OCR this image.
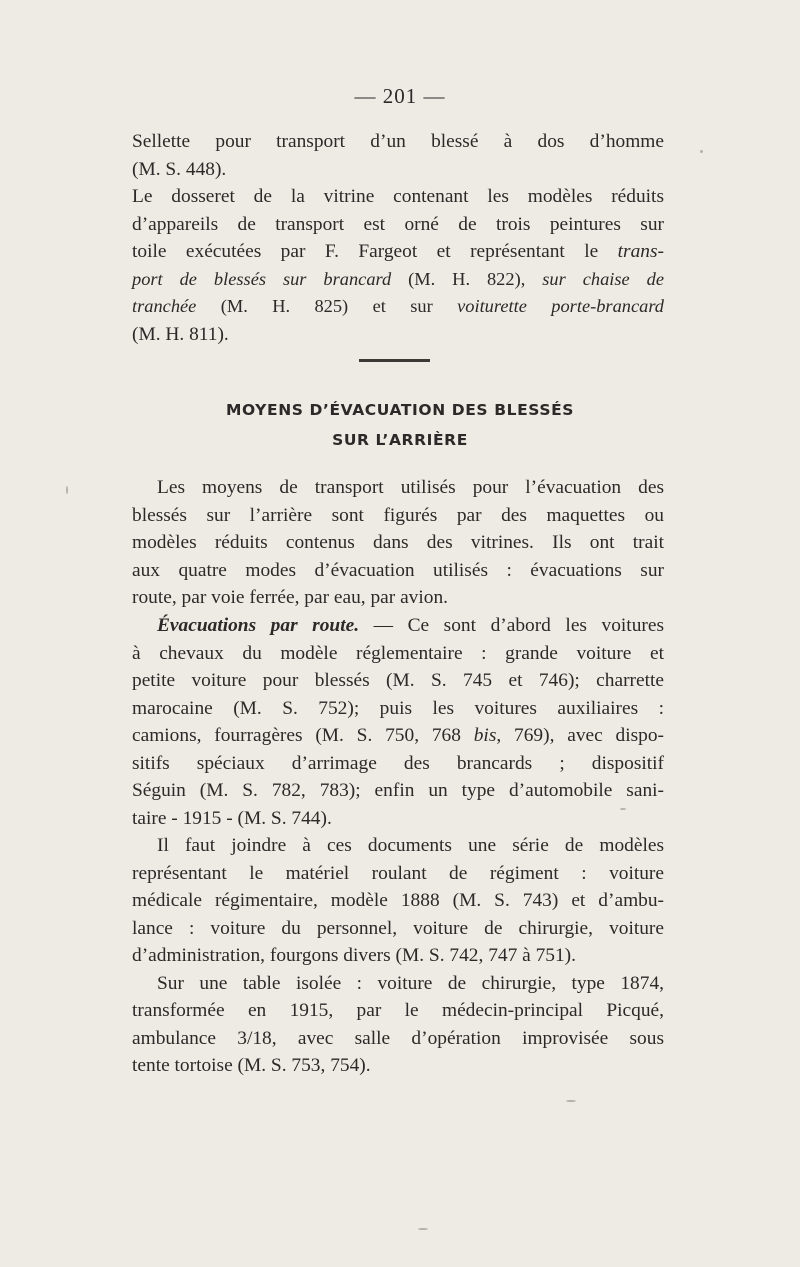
— 201 —

Sellette pour transport d’un blessé à dos d’homme
(M. S. 448).

Le dosseret de la vitrine contenant les modèles réduits
d’appareils de transport est orné de trois peintures sur
toile exécutées par F. Fargeot et représentant le trans-
port de blessés sur brancard (M. H. 822), sur chaise de
tranchée (M. H. 825) et sur voiturette porte-brancard
(M. H. 811).

MOYENS D’ÉVACUATION DES BLESSÉS
SUR L’ARRIÈRE
Les moyens de transport utilisés pour l’évacuation des
blessés sur l’arrière sont figurés par des maquettes ou
modèles réduits contenus dans des vitrines. Ils ont trait
aux quatre modes d’évacuation utilisés : évacuations sur
route, par voie ferrée, par eau, par avion.

Évacuations par route. — Ce sont d’abord les voitures
à chevaux du modèle réglementaire : grande voiture et
petite voiture pour blessés (M. S. 745 et 746); charrette
marocaine (M. S. 752); puis les voitures auxiliaires :
camions, fourragères (M. S. 750, 768 bis, 769), avec dispo-
sitifs spéciaux d’arrimage des brancards ; dispositif
Séguin (M. S. 782, 783); enfin un type d’automobile sani-
taire - 1915 - (M. S. 744).

Il faut joindre à ces documents une série de modèles
représentant le matériel roulant de régiment : voiture
médicale régimentaire, modèle 1888 (M. S. 743) et d’ambu-
lance : voiture du personnel, voiture de chirurgie, voiture
d’administration, fourgons divers (M. S. 742, 747 à 751).

Sur une table isolée : voiture de chirurgie, type 1874,
transformée en 1915, par le médecin-principal Picqué,
ambulance 3/18, avec salle d’opération improvisée sous
tente tortoise (M. S. 753, 754).
